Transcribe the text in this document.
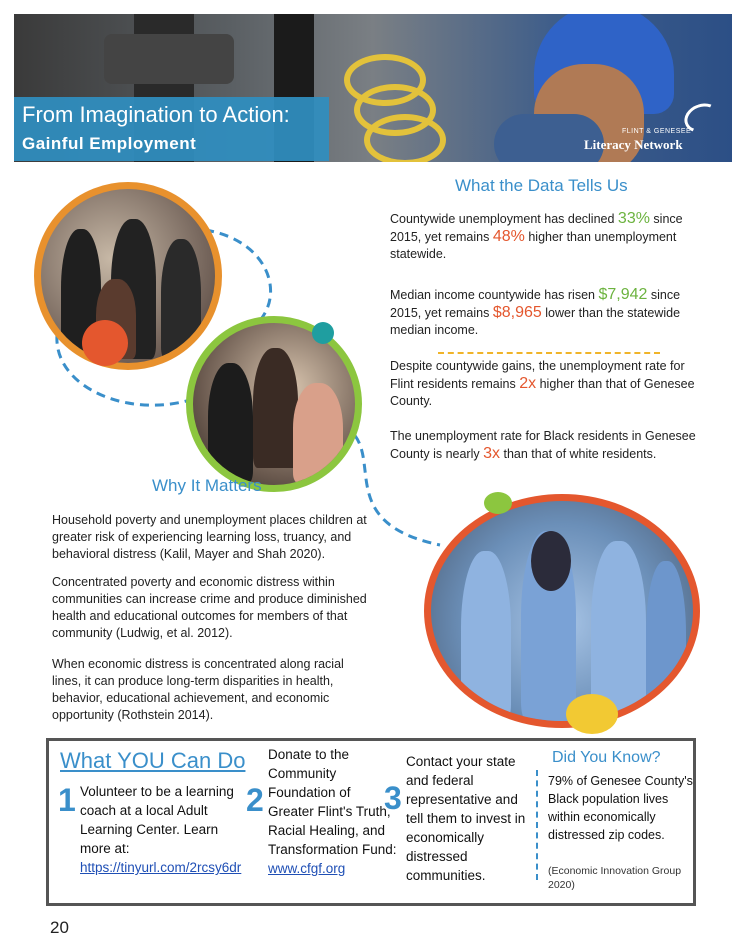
From Imagination to Action:
Gainful Employment
FLINT & GENESEE
Literacy Network
What the Data Tells Us
Countywide unemployment has declined 33% since 2015, yet remains 48% higher than unemployment statewide.
Median income countywide has risen $7,942 since 2015, yet remains $8,965 lower than the statewide median income.
Despite countywide gains, the unemployment rate for Flint residents remains 2x higher than that of Genesee County.
The unemployment rate for Black residents in Genesee County is nearly 3x than that of white residents.
Why It Matters
Household poverty and unemployment places children at greater risk of experiencing learning loss, truancy, and behavioral distress (Kalil, Mayer and Shah 2020).
Concentrated poverty and economic distress within communities can increase crime and produce diminished health and educational outcomes for members of that community (Ludwig, et al. 2012).
When economic distress is concentrated along racial lines, it can produce long-term disparities in health, behavior, educational achievement, and economic opportunity (Rothstein 2014).
What YOU Can Do
1 Volunteer to be a learning coach at a local Adult Learning Center. Learn more at: https://tinyurl.com/2rcsy6dr
2
Donate to the Community Foundation of Greater Flint's Truth, Racial Healing, and Transformation Fund: www.cfgf.org
3
Contact your state and federal representative and tell them to invest in economically distressed communities.
Did You Know?
79% of Genesee County's Black population lives within economically distressed zip codes.
(Economic Innovation Group 2020)
20
